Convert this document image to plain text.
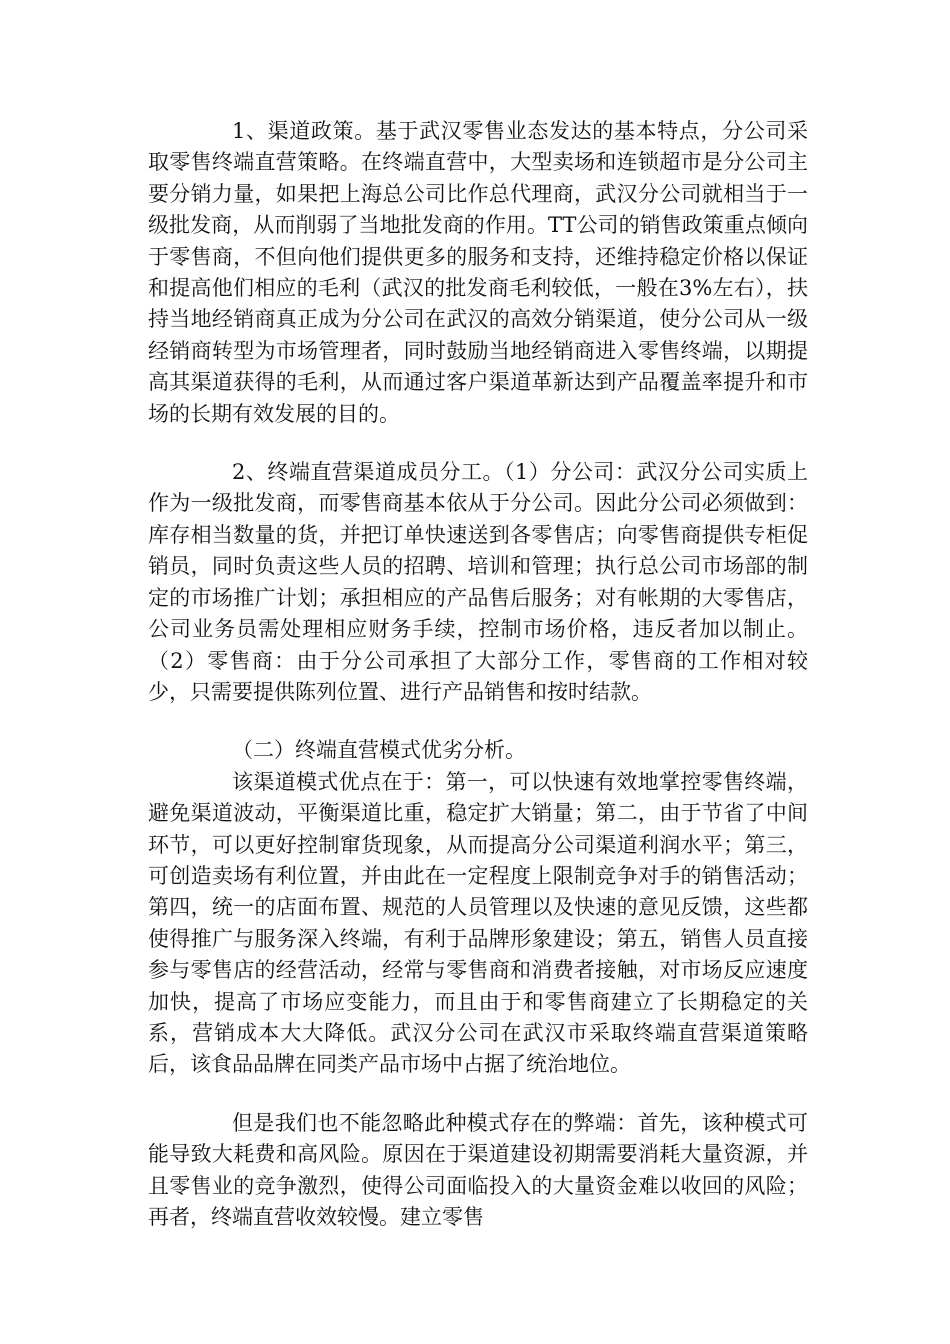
1、渠道政策。基于武汉零售业态发达的基本特点，分公司采取零售终端直营策略。在终端直营中，大型卖场和连锁超市是分公司主要分销力量，如果把上海总公司比作总代理商，武汉分公司就相当于一级批发商，从而削弱了当地批发商的作用。TT公司的销售政策重点倾向于零售商，不但向他们提供更多的服务和支持，还维持稳定价格以保证和提高他们相应的毛利（武汉的批发商毛利较低，一般在3%左右），扶持当地经销商真正成为分公司在武汉的高效分销渠道，使分公司从一级经销商转型为市场管理者，同时鼓励当地经销商进入零售终端，以期提高其渠道获得的毛利，从而通过客户渠道革新达到产品覆盖率提升和市场的长期有效发展的目的。

2、终端直营渠道成员分工。（1）分公司：武汉分公司实质上作为一级批发商，而零售商基本依从于分公司。因此分公司必须做到：库存相当数量的货，并把订单快速送到各零售店；向零售商提供专柜促销员，同时负责这些人员的招聘、培训和管理；执行总公司市场部的制定的市场推广计划；承担相应的产品售后服务；对有帐期的大零售店，公司业务员需处理相应财务手续，控制市场价格，违反者加以制止。（2）零售商：由于分公司承担了大部分工作，零售商的工作相对较少，只需要提供陈列位置、进行产品销售和按时结款。

（二）终端直营模式优劣分析。

该渠道模式优点在于：第一，可以快速有效地掌控零售终端，避免渠道波动，平衡渠道比重，稳定扩大销量；第二，由于节省了中间环节，可以更好控制窜货现象，从而提高分公司渠道利润水平；第三，可创造卖场有利位置，并由此在一定程度上限制竞争对手的销售活动；第四，统一的店面布置、规范的人员管理以及快速的意见反馈，这些都使得推广与服务深入终端，有利于品牌形象建设；第五，销售人员直接参与零售店的经营活动，经常与零售商和消费者接触，对市场反应速度加快，提高了市场应变能力，而且由于和零售商建立了长期稳定的关系，营销成本大大降低。武汉分公司在武汉市采取终端直营渠道策略后，该食品品牌在同类产品市场中占据了统治地位。

但是我们也不能忽略此种模式存在的弊端：首先，该种模式可能导致大耗费和高风险。原因在于渠道建设初期需要消耗大量资源，并且零售业的竞争激烈，使得公司面临投入的大量资金难以收回的风险；再者，终端直营收效较慢。建立零售
